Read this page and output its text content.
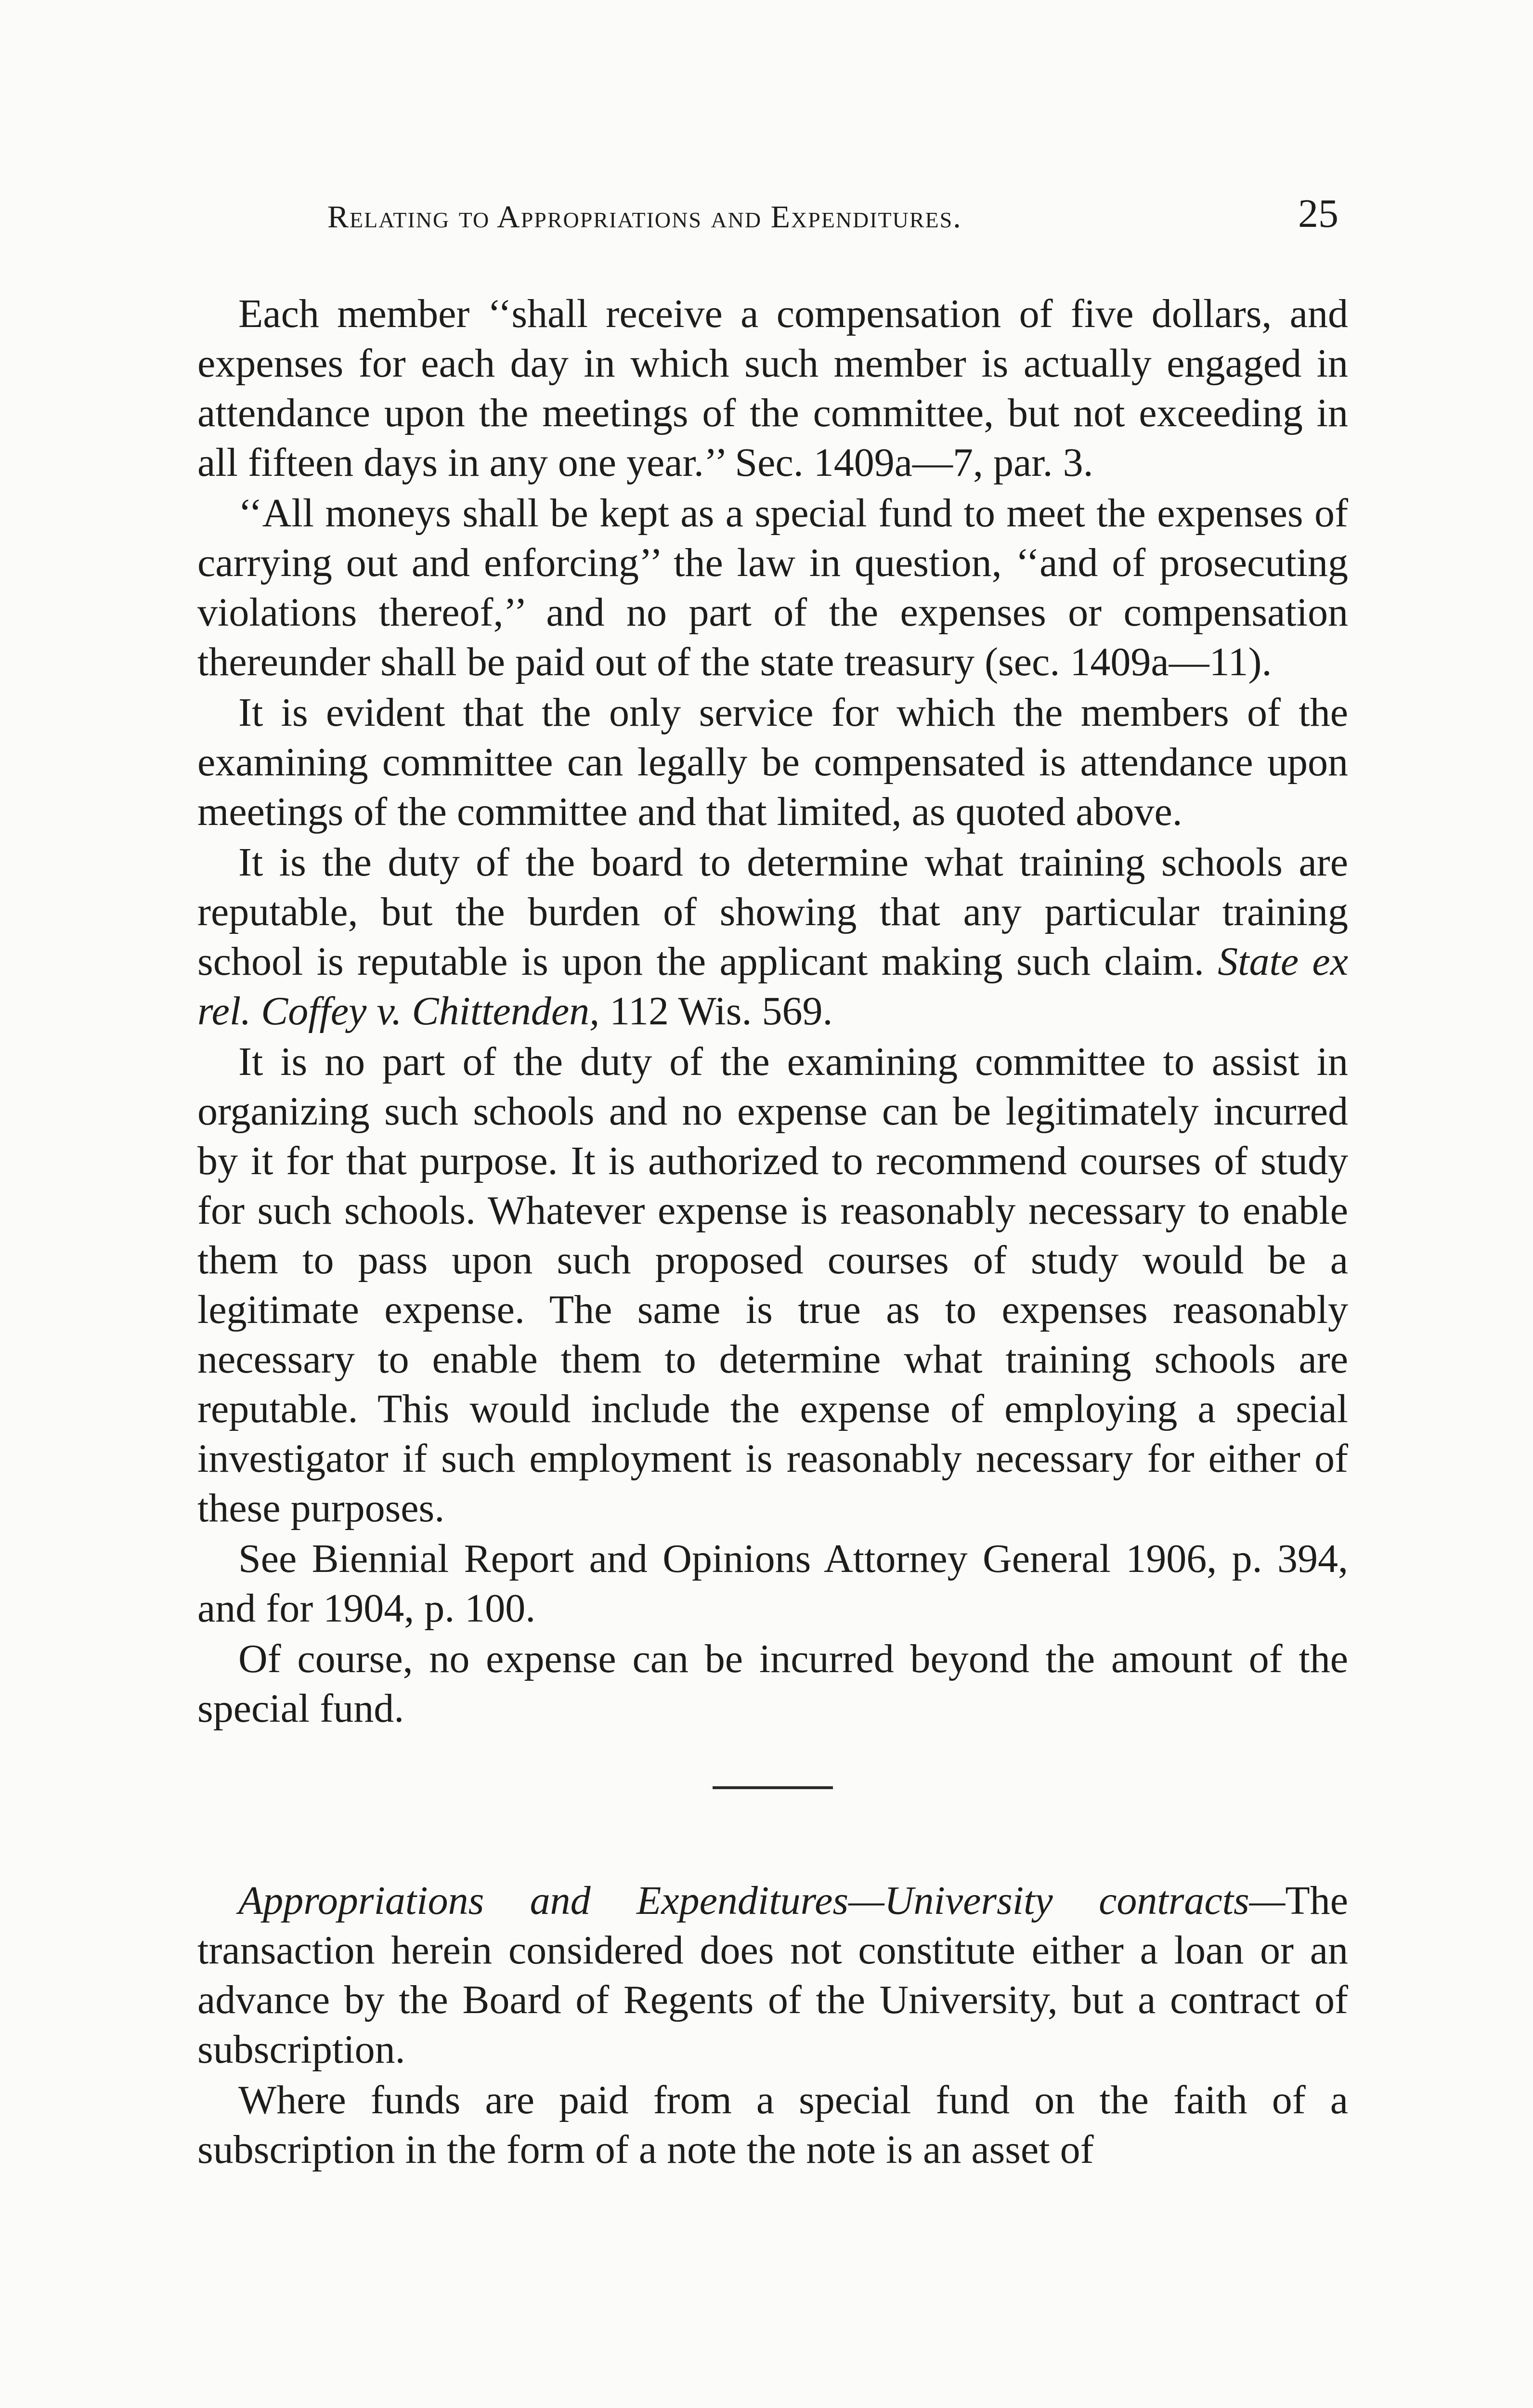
Relating to Appropriations and Expenditures.	25

Each member ‘‘shall receive a compensation of five dollars, and expenses for each day in which such member is actually engaged in attendance upon the meetings of the committee, but not exceeding in all fifteen days in any one year.’’ Sec. 1409a—7, par. 3.

‘‘All moneys shall be kept as a special fund to meet the expenses of carrying out and enforcing’’ the law in question, ‘‘and of prosecuting violations thereof,’’ and no part of the expenses or compensation thereunder shall be paid out of the state treasury (sec. 1409a—11).

It is evident that the only service for which the members of the examining committee can legally be compensated is attendance upon meetings of the committee and that limited, as quoted above.

It is the duty of the board to determine what training schools are reputable, but the burden of showing that any particular training school is reputable is upon the applicant making such claim. State ex rel. Coffey v. Chittenden, 112 Wis. 569.

It is no part of the duty of the examining committee to assist in organizing such schools and no expense can be legitimately incurred by it for that purpose. It is authorized to recommend courses of study for such schools. Whatever expense is reasonably necessary to enable them to pass upon such proposed courses of study would be a legitimate expense. The same is true as to expenses reasonably necessary to enable them to determine what training schools are reputable. This would include the expense of employing a special investigator if such employment is reasonably necessary for either of these purposes.

See Biennial Report and Opinions Attorney General 1906, p. 394, and for 1904, p. 100.

Of course, no expense can be incurred beyond the amount of the special fund.

Appropriations and Expenditures—University contracts—The transaction herein considered does not constitute either a loan or an advance by the Board of Regents of the University, but a contract of subscription.

Where funds are paid from a special fund on the faith of a subscription in the form of a note the note is an asset of
